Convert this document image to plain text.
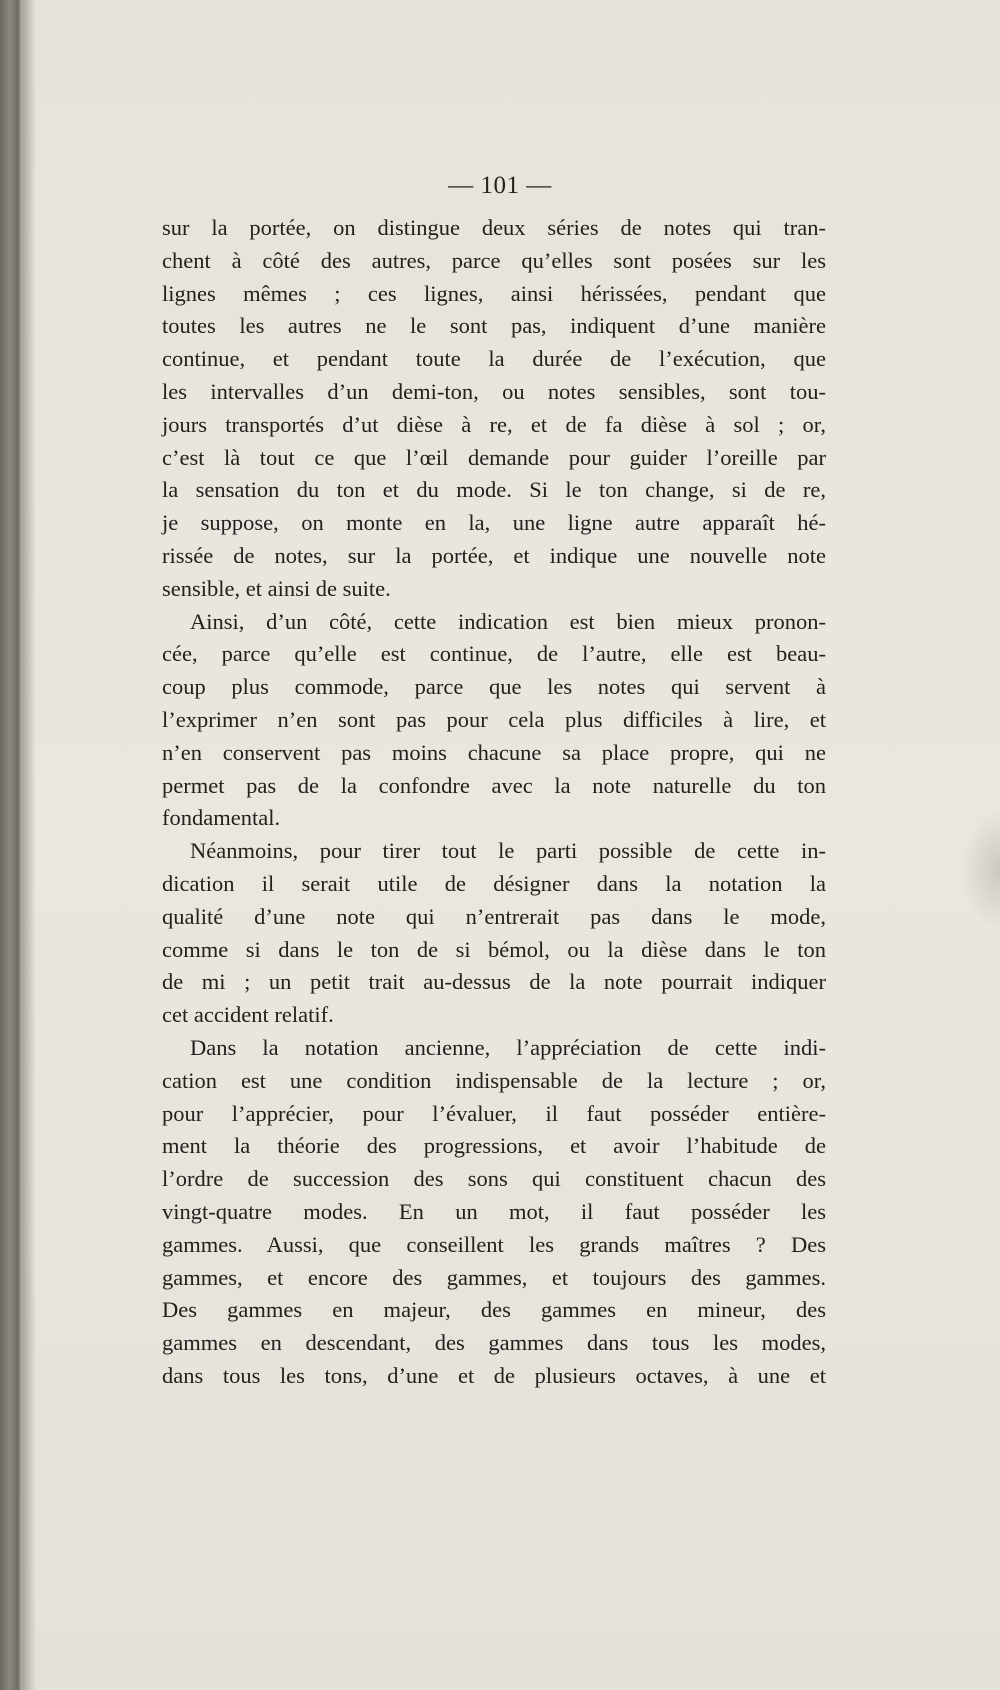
— 101 —
sur la portée, on distingue deux séries de notes qui tran-
chent à côté des autres, parce qu’elles sont posées sur les
lignes mêmes ; ces lignes, ainsi hérissées, pendant que
toutes les autres ne le sont pas, indiquent d’une manière
continue, et pendant toute la durée de l’exécution, que
les intervalles d’un demi-ton, ou notes sensibles, sont tou-
jours transportés d’ut dièse à re, et de fa dièse à sol ; or,
c’est là tout ce que l’œil demande pour guider l’oreille par
la sensation du ton et du mode. Si le ton change, si de re,
je suppose, on monte en la, une ligne autre apparaît hé-
rissée de notes, sur la portée, et indique une nouvelle note
sensible, et ainsi de suite.
Ainsi, d’un côté, cette indication est bien mieux pronon-
cée, parce qu’elle est continue, de l’autre, elle est beau-
coup plus commode, parce que les notes qui servent à
l’exprimer n’en sont pas pour cela plus difficiles à lire, et
n’en conservent pas moins chacune sa place propre, qui ne
permet pas de la confondre avec la note naturelle du ton
fondamental.
Néanmoins, pour tirer tout le parti possible de cette in-
dication il serait utile de désigner dans la notation la
qualité d’une note qui n’entrerait pas dans le mode,
comme si dans le ton de si bémol, ou la dièse dans le ton
de mi ; un petit trait au-dessus de la note pourrait indiquer
cet accident relatif.
Dans la notation ancienne, l’appréciation de cette indi-
cation est une condition indispensable de la lecture ; or,
pour l’apprécier, pour l’évaluer, il faut posséder entière-
ment la théorie des progressions, et avoir l’habitude de
l’ordre de succession des sons qui constituent chacun des
vingt-quatre modes. En un mot, il faut posséder les
gammes. Aussi, que conseillent les grands maîtres ? Des
gammes, et encore des gammes, et toujours des gammes.
Des gammes en majeur, des gammes en mineur, des
gammes en descendant, des gammes dans tous les modes,
dans tous les tons, d’une et de plusieurs octaves, à une et
